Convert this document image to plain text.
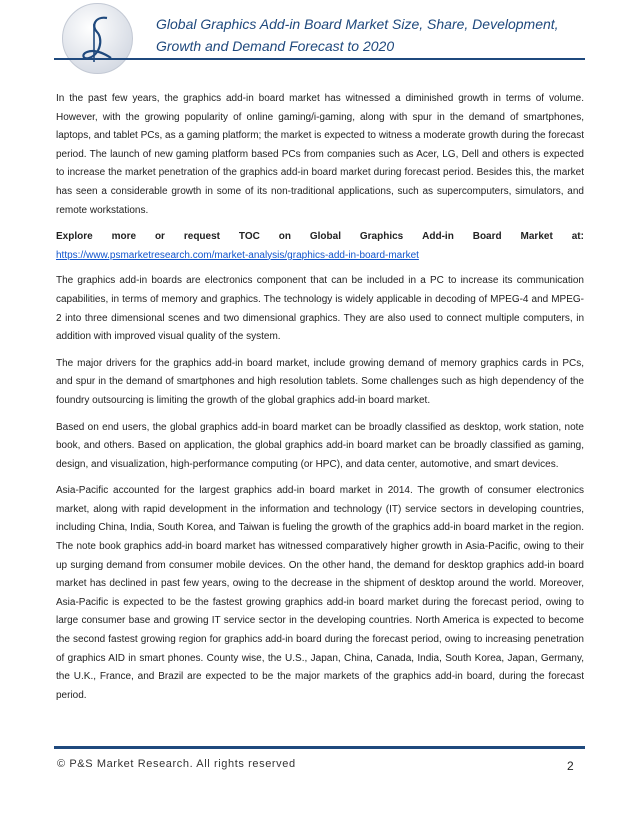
Global Graphics Add-in Board Market Size, Share, Development,
Growth and Demand Forecast to 2020

In the past few years, the graphics add-in board market has witnessed a diminished growth in terms of volume. However, with the growing popularity of online gaming/i-gaming, along with spur in the demand of smartphones, laptops, and tablet PCs, as a gaming platform; the market is expected to witness a moderate growth during the forecast period. The launch of new gaming platform based PCs from companies such as Acer, LG, Dell and others is expected to increase the market penetration of the graphics add-in board market during forecast period. Besides this, the market has seen a considerable growth in some of its non-traditional applications, such as supercomputers, simulators, and remote workstations.

Explore more or request TOC on Global Graphics Add-in Board Market at:
https://www.psmarketresearch.com/market-analysis/graphics-add-in-board-market

The graphics add-in boards are electronics component that can be included in a PC to increase its communication capabilities, in terms of memory and graphics. The technology is widely applicable in decoding of MPEG-4 and MPEG-2 into three dimensional scenes and two dimensional graphics. They are also used to connect multiple computers, in addition with improved visual quality of the system.

The major drivers for the graphics add-in board market, include growing demand of memory graphics cards in PCs, and spur in the demand of smartphones and high resolution tablets. Some challenges such as high dependency of the foundry outsourcing is limiting the growth of the global graphics add-in board market.

Based on end users, the global graphics add-in board market can be broadly classified as desktop, work station, note book, and others. Based on application, the global graphics add-in board market can be broadly classified as gaming, design, and visualization, high-performance computing (or HPC), and data center, automotive, and smart devices.

Asia-Pacific accounted for the largest graphics add-in board market in 2014. The growth of consumer electronics market, along with rapid development in the information and technology (IT) service sectors in developing countries, including China, India, South Korea, and Taiwan is fueling the growth of the graphics add-in board market in the region. The note book graphics add-in board market has witnessed comparatively higher growth in Asia-Pacific, owing to their up surging demand from consumer mobile devices. On the other hand, the demand for desktop graphics add-in board market has declined in past few years, owing to the decrease in the shipment of desktop around the world. Moreover, Asia-Pacific is expected to be the fastest growing graphics add-in board market during the forecast period, owing to large consumer base and growing IT service sector in the developing countries. North America is expected to become the second fastest growing region for graphics add-in board during the forecast period, owing to increasing penetration of graphics AID in smart phones. County wise, the U.S., Japan, China, Canada, India, South Korea, Japan, Germany, the U.K., France, and Brazil are expected to be the major markets of the graphics add-in board, during the forecast period.

© P&S Market Research. All rights reserved	2
